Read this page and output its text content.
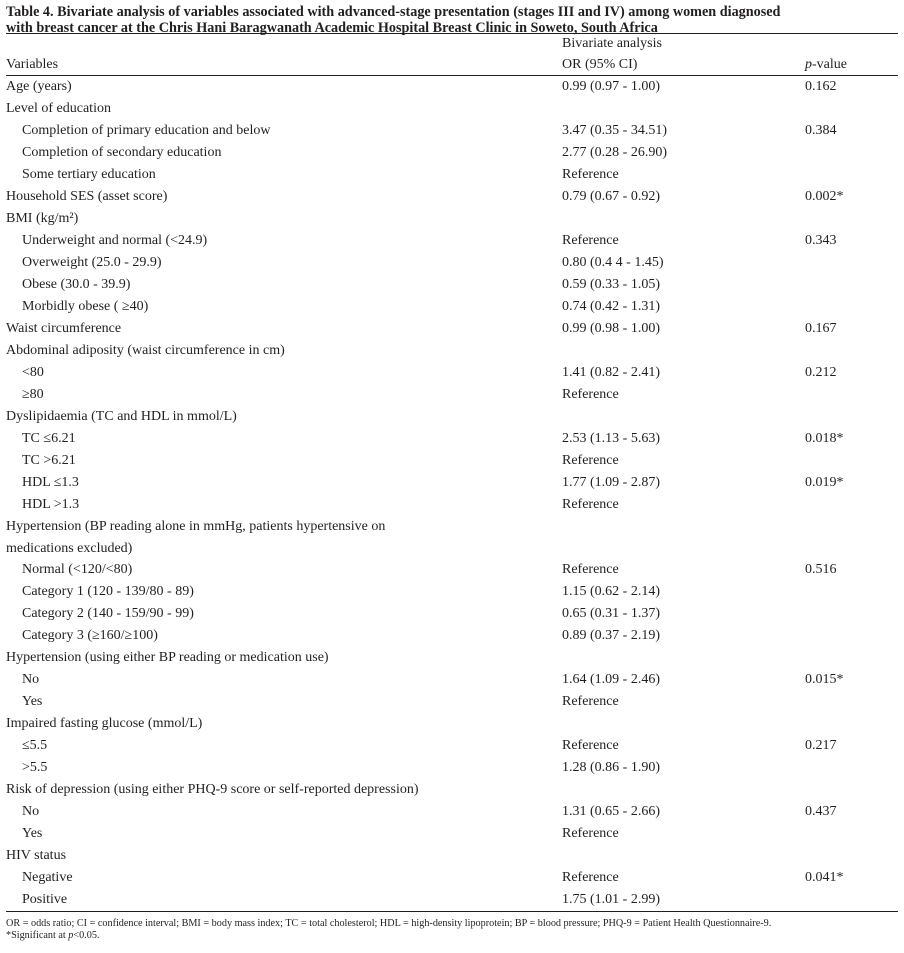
Table 4. Bivariate analysis of variables associated with advanced-stage presentation (stages III and IV) among women diagnosed
with breast cancer at the Chris Hani Baragwanath Academic Hospital Breast Clinic in Soweto, South Africa
	Bivariate analysis	
Variables	OR (95% CI)	p-value
Age (years)	0.99 (0.97 - 1.00)	0.162
Level of education		
Completion of primary education and below	3.47 (0.35 - 34.51)	0.384
Completion of secondary education	2.77 (0.28 - 26.90)	
Some tertiary education	Reference	
Household SES (asset score)	0.79 (0.67 - 0.92)	0.002*
BMI (kg/m²)		
Underweight and normal (<24.9)	Reference	0.343
Overweight (25.0 - 29.9)	0.80 (0.4 4 - 1.45)	
Obese (30.0 - 39.9)	0.59 (0.33 - 1.05)	
Morbidly obese ( ≥40)	0.74 (0.42 - 1.31)	
Waist circumference	0.99 (0.98 - 1.00)	0.167
Abdominal adiposity (waist circumference in cm)		
<80	1.41 (0.82 - 2.41)	0.212
≥80	Reference	
Dyslipidaemia (TC and HDL in mmol/L)		
TC ≤6.21	2.53 (1.13 - 5.63)	0.018*
TC >6.21	Reference	
HDL ≤1.3	1.77 (1.09 - 2.87)	0.019*
HDL >1.3	Reference	
Hypertension (BP reading alone in mmHg, patients hypertensive on medications excluded)		
Normal (<120/<80)	Reference	0.516
Category 1 (120 - 139/80 - 89)	1.15 (0.62 - 2.14)	
Category 2 (140 - 159/90 - 99)	0.65 (0.31 - 1.37)	
Category 3 (≥160/≥100)	0.89 (0.37 - 2.19)	
Hypertension (using either BP reading or medication use)		
No	1.64 (1.09 - 2.46)	0.015*
Yes	Reference	
Impaired fasting glucose (mmol/L)		
≤5.5	Reference	0.217
>5.5	1.28 (0.86 - 1.90)	
Risk of depression (using either PHQ-9 score or self-reported depression)		
No	1.31 (0.65 - 2.66)	0.437
Yes	Reference	
HIV status		
Negative	Reference	0.041*
Positive	1.75 (1.01 - 2.99)	
OR = odds ratio; CI = confidence interval; BMI = body mass index; TC = total cholesterol; HDL = high-density lipoprotein; BP = blood pressure; PHQ-9 = Patient Health Questionnaire-9.
*Significant at p<0.05.
